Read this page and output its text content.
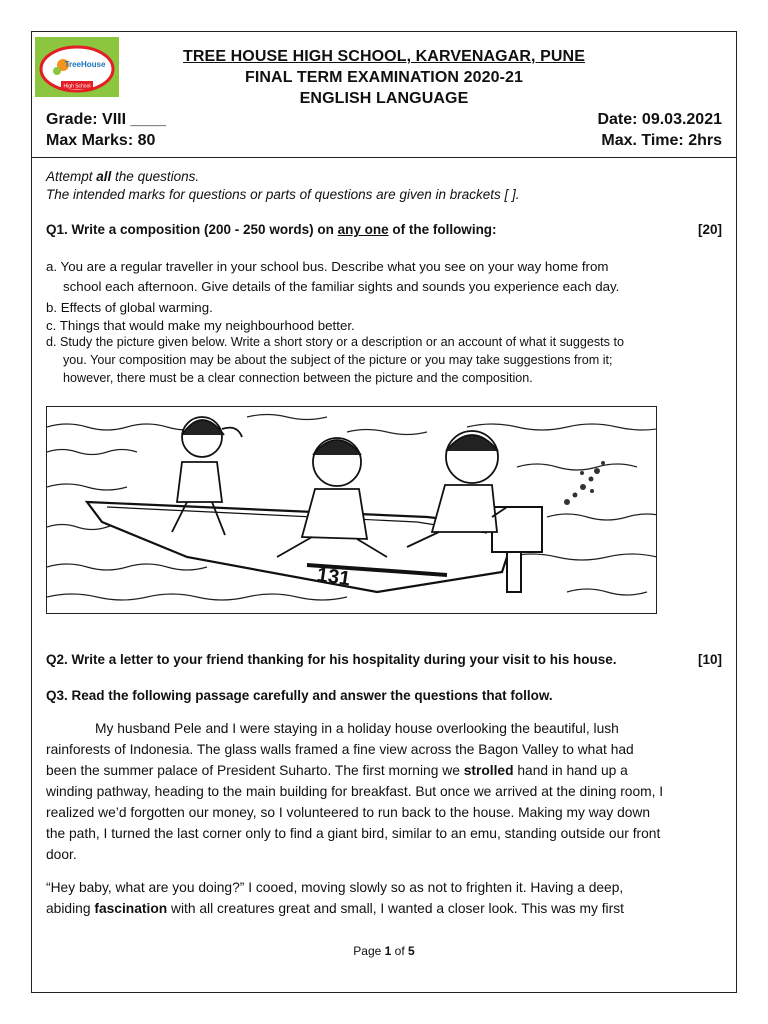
TreeHouse
High School
TREE HOUSE HIGH SCHOOL, KARVENAGAR, PUNE
FINAL TERM EXAMINATION 2020-21
ENGLISH LANGUAGE
Grade: VIII ____
Max Marks: 80
Date: 09.03.2021
Max. Time: 2hrs
Attempt all the questions.
The intended marks for questions or parts of questions are given in brackets [ ].
Q1. Write a composition (200 - 250 words) on any one of the following:	[20]
a. You are a regular traveller in your school bus. Describe what you see on your way home from
school each afternoon. Give details of the familiar sights and sounds you experience each day.
b. Effects of global warming.
c. Things that would make my neighbourhood better.
d. Study the picture given below. Write a short story or a description or an account of what it suggests to
you. Your composition may be about the subject of the picture or you may take suggestions from it;
however, there must be a clear connection between the picture and the composition.
131
Q2. Write a letter to your friend thanking for his hospitality during your visit to his house.	[10]
Q3. Read the following passage carefully and answer the questions that follow.
My husband Pele and I were staying in a holiday house overlooking the beautiful, lush
rainforests of Indonesia. The glass walls framed a fine view across the Bagon Valley to what had
been the summer palace of President Suharto. The first morning we strolled hand in hand up a
winding pathway, heading to the main building for breakfast. But once we arrived at the dining room, I
realized we’d forgotten our money, so I volunteered to run back to the house. Making my way down
the path, I turned the last corner only to find a giant bird, similar to an emu, standing outside our front
door.
“Hey baby, what are you doing?” I cooed, moving slowly so as not to frighten it. Having a deep,
abiding fascination with all creatures great and small, I wanted a closer look. This was my first
Page 1 of 5
